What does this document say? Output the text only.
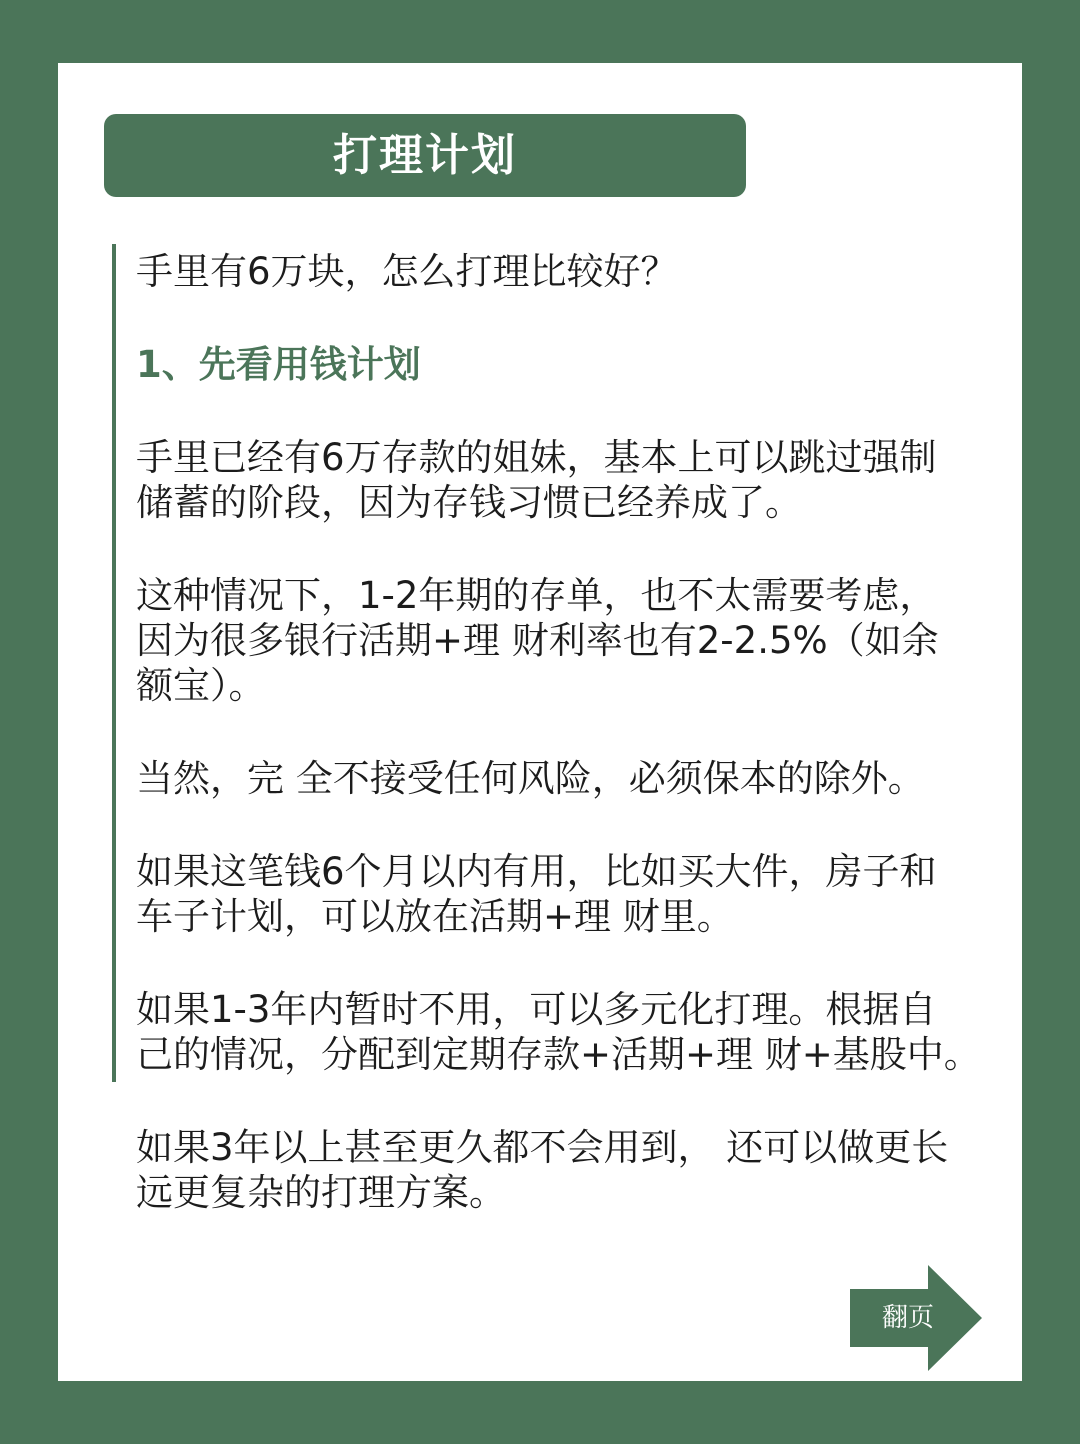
打理计划

手里有6万块，怎么打理比较好？

1、先看用钱计划

手里已经有6万存款的姐妹，基本上可以跳过强制

储蓄的阶段，因为存钱习惯已经养成了。

这种情况下，1-2年期的存单，也不太需要考虑，

因为很多银行活期+理 财利率也有2-2.5%（如余

额宝）。

当然，完 全不接受任何风险，必须保本的除外。

如果这笔钱6个月以内有用，比如买大件，房子和

车子计划，可以放在活期+理 财里。

如果1-3年内暂时不用，可以多元化打理。根据自

己的情况，分配到定期存款+活期+理 财+基股中。

如果3年以上甚至更久都不会用到， 还可以做更长

远更复杂的打理方案。

翻页
